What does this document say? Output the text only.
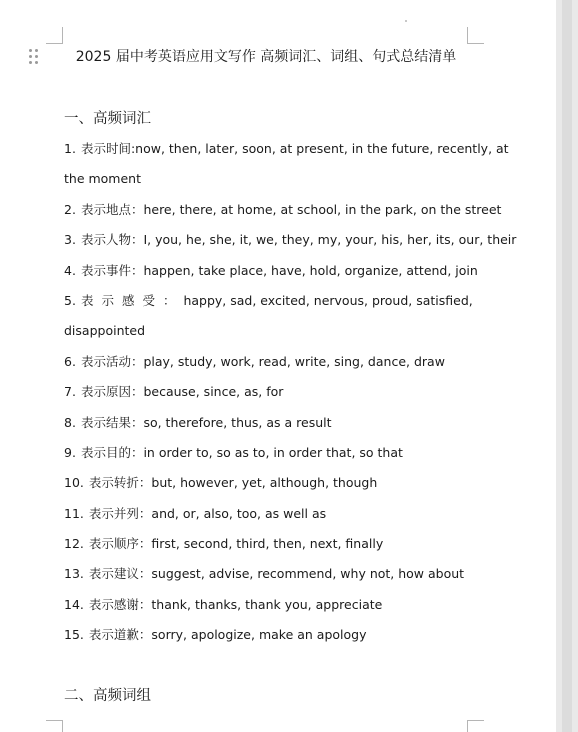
2025 届中考英语应用文写作 高频词汇、词组、句式总结清单
一、高频词汇
1. 表示时间:now, then, later, soon, at present, in the future, recently, at
the moment
2. 表示地点：here, there, at home, at school, in the park, on the street
3. 表示人物：I, you, he, she, it, we, they, my, your, his, her, its, our, their
4. 表示事件：happen, take place, have, hold, organize, attend, join
5. 表示感受：happy, sad, excited, nervous, proud, satisfied,
disappointed
6. 表示活动：play, study, work, read, write, sing, dance, draw
7. 表示原因：because, since, as, for
8. 表示结果：so, therefore, thus, as a result
9. 表示目的：in order to, so as to, in order that, so that
10. 表示转折：but, however, yet, although, though
11. 表示并列：and, or, also, too, as well as
12. 表示顺序：first, second, third, then, next, finally
13. 表示建议：suggest, advise, recommend, why not, how about
14. 表示感谢：thank, thanks, thank you, appreciate
15. 表示道歉：sorry, apologize, make an apology
二、高频词组
